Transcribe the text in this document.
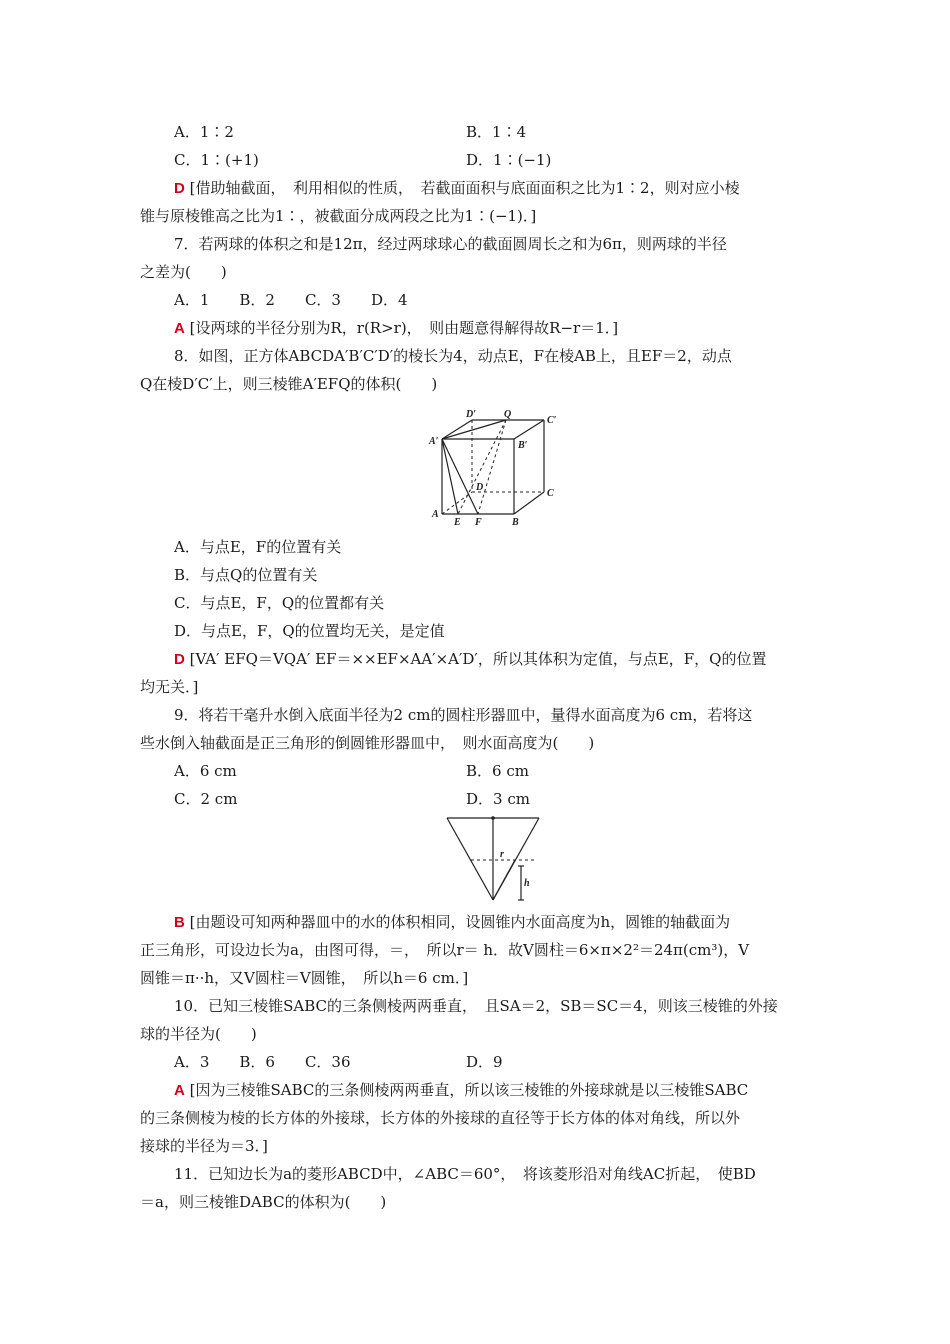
A．1∶2	B．1∶4
C．1∶(+1)	D．1∶(−1)
D [借助轴截面，　利用相似的性质，　若截面面积与底面面积之比为1∶2，则对应小棱
锥与原棱锥高之比为1∶，被截面分成两段之比为1∶(−1)．]
7．若两球的体积之和是12π，经过两球球心的截面圆周长之和为6π，则两球的半径
之差为(　　)
A．1　　B．2　　C．3　　D．4
A [设两球的半径分别为R，r(R>r)，　则由题意得解得故R−r＝1．]
8．如图，正方体ABCDA′B′C′D′的棱长为4，动点E，F在棱AB上，且EF＝2，动点
Q在棱D′C′上，则三棱锥A′EFQ的体积(　　)
D′	Q
C′
B′
A′
D
C
A
E F	B
A．与点E，F的位置有关
B．与点Q的位置有关
C．与点E，F，Q的位置都有关
D．与点E，F，Q的位置均无关，是定值
D [VA′ EFQ＝VQA′ EF＝××EF×AA′×A′D′，所以其体积为定值，与点E，F，Q的位置
均无关．]
9．将若干毫升水倒入底面半径为2 cm的圆柱形器皿中，量得水面高度为6 cm，若将这
些水倒入轴截面是正三角形的倒圆锥形器皿中，　则水面高度为(　　)
A．6 cm	B．6 cm
C．2 cm	D．3 cm
r
h
B [由题设可知两种器皿中的水的体积相同，设圆锥内水面高度为h，圆锥的轴截面为
正三角形，可设边长为a，由图可得，＝，　所以r＝ h．故V圆柱＝6×π×2²＝24π(cm³)，V
圆锥＝π··h，又V圆柱＝V圆锥，　所以h＝6 cm．]
10．已知三棱锥SABC的三条侧棱两两垂直，　且SA＝2，SB＝SC＝4，则该三棱锥的外接
球的半径为(　　)
A．3　　B．6　　C．36	D．9
A [因为三棱锥SABC的三条侧棱两两垂直，所以该三棱锥的外接球就是以三棱锥SABC
的三条侧棱为棱的长方体的外接球，长方体的外接球的直径等于长方体的体对角线，所以外
接球的半径为＝3．]
11．已知边长为a的菱形ABCD中，∠ABC＝60°，　将该菱形沿对角线AC折起，　使BD
＝a，则三棱锥DABC的体积为(　　)
